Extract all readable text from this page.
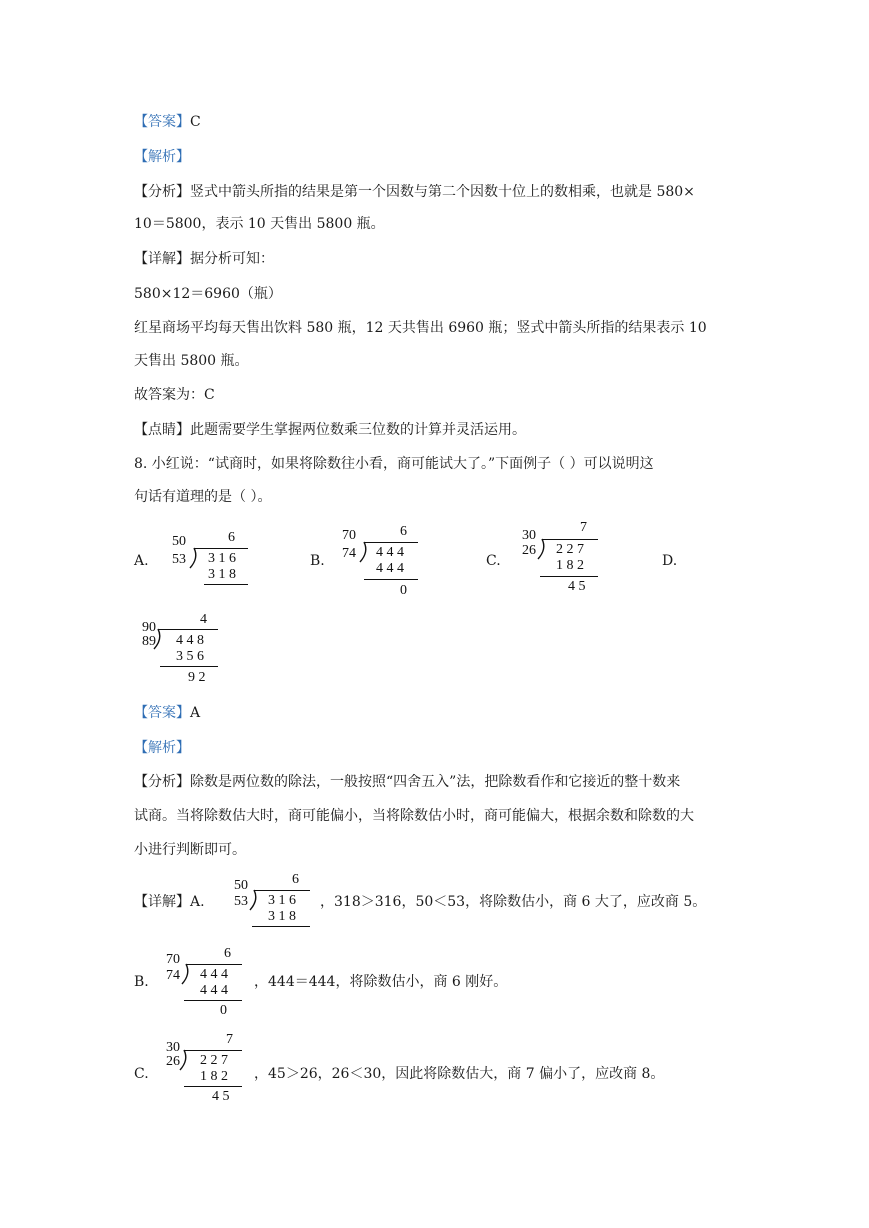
【答案】C
【解析】
【分析】竖式中箭头所指的结果是第一个因数与第二个因数十位上的数相乘，也就是 580×
10＝5800，表示 10 天售出 5800 瓶。
【详解】据分析可知：
580×12＝6960（瓶）
红星商场平均每天售出饮料 580 瓶，12 天共售出 6960 瓶；竖式中箭头所指的结果表示 10
天售出 5800 瓶。
故答案为：C
【点睛】此题需要学生掌握两位数乘三位数的计算并灵活运用。
8. 小红说：“试商时，如果将除数往小看，商可能试大了。”下面例子（ ）可以说明这
句话有道理的是（ ）。
A.	B.	C.	D.
50	6
53 3 1 6
3 1 8
70	6
74 4 4 4
4 4 4
0
30
7
26 2 2 7
1 8 2
4 5
90
4
89 4 4 8
3 5 6
9 2
【答案】A
【解析】
【分析】除数是两位数的除法，一般按照“四舍五入”法，把除数看作和它接近的整十数来
试商。当将除数估大时，商可能偏小，当将除数估小时，商可能偏大，根据余数和除数的大
小进行判断即可。
【详解】A.
50	6
53 3 1 6
3 1 8
，318＞316，50＜53，将除数估小，商 6 大了，应改商 5。
B.
70	6
74 4 4 4
4 4 4
0
，444＝444，将除数估小，商 6 刚好。
C.
30
7
26 2 2 7
1 8 2
4 5
，45＞26，26＜30，因此将除数估大，商 7 偏小了，应改商 8。
